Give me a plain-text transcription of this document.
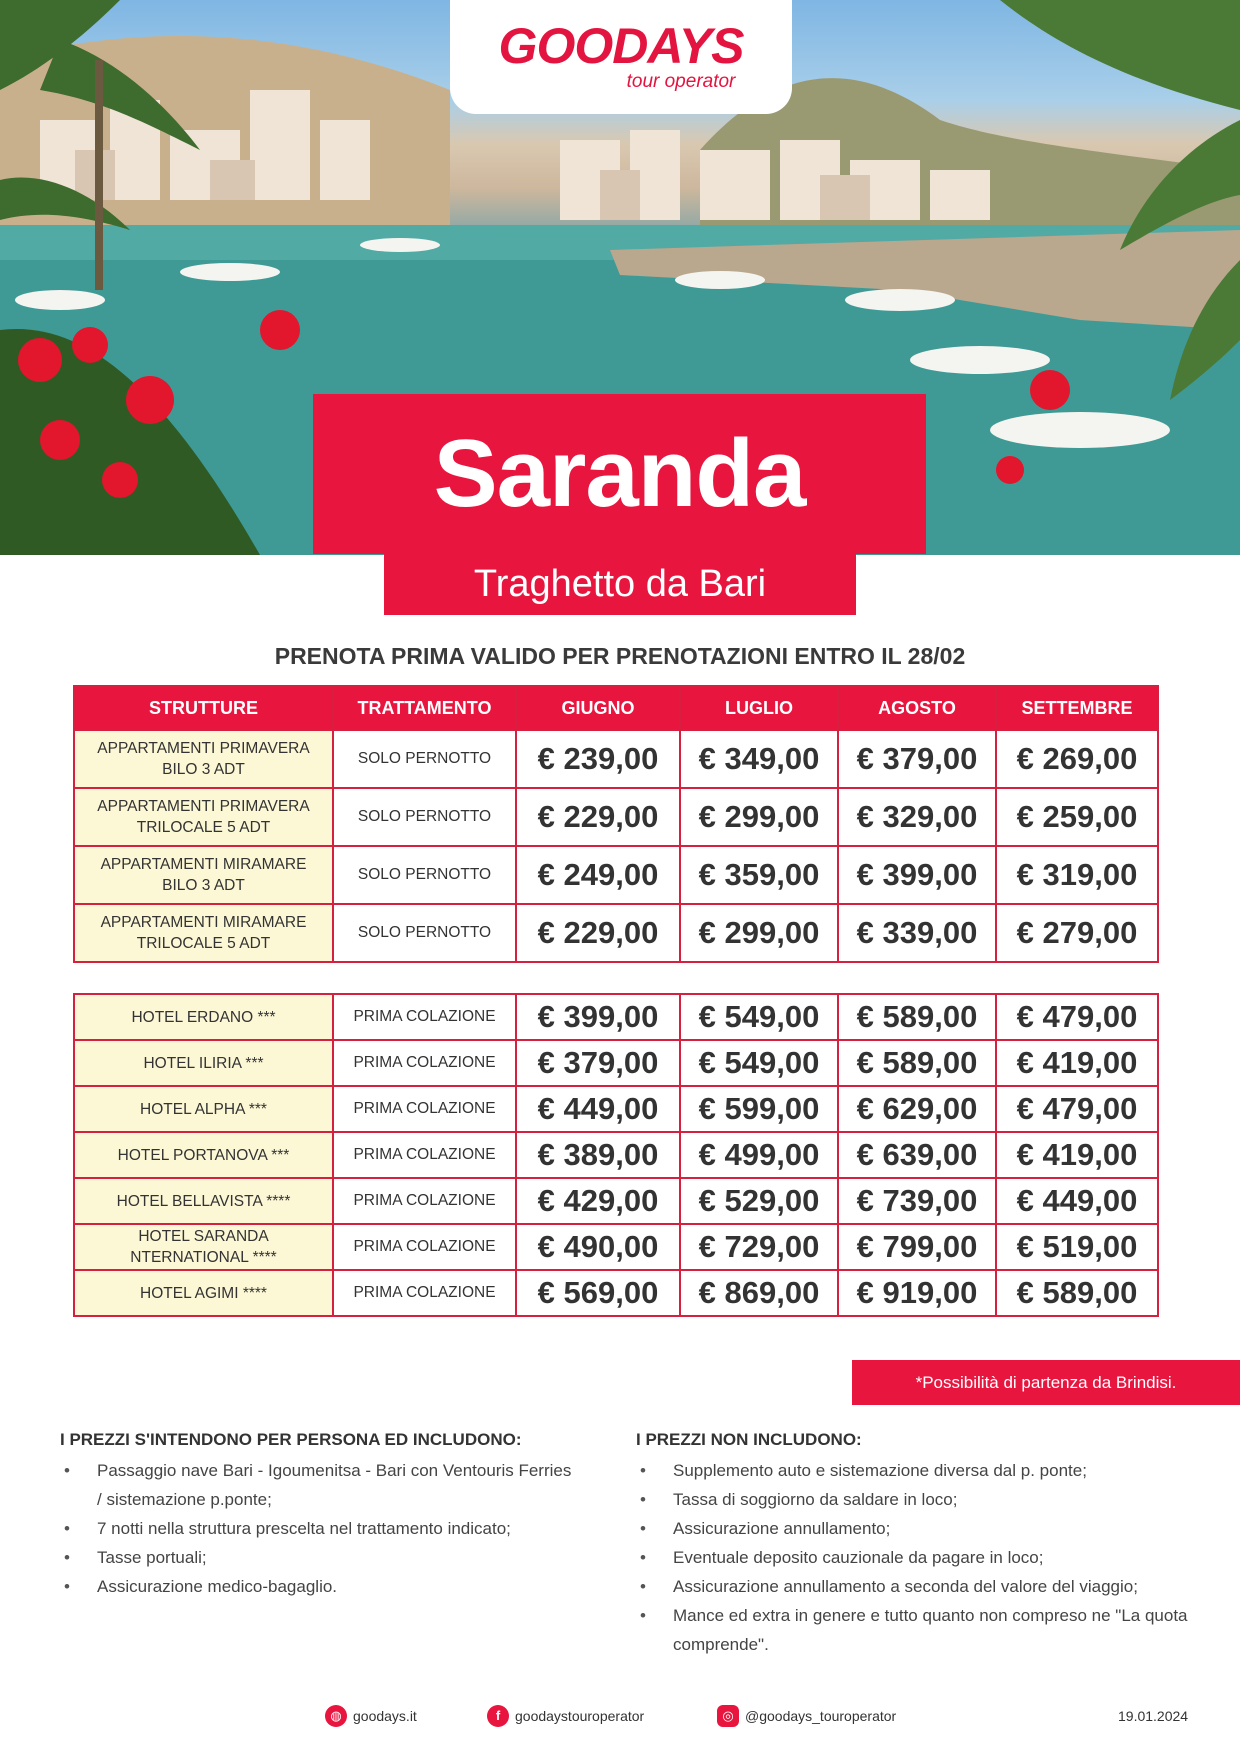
GOODAYS
tour operator
Saranda
Traghetto da Bari
PRENOTA PRIMA VALIDO PER PRENOTAZIONI ENTRO IL 28/02
STRUTTURE	TRATTAMENTO	GIUGNO	LUGLIO	AGOSTO	SETTEMBRE

APPARTAMENTI PRIMAVERA
BILO 3 ADT	SOLO PERNOTTO	€ 239,00	€ 349,00	€ 379,00	€ 269,00

APPARTAMENTI PRIMAVERA
TRILOCALE 5 ADT	SOLO PERNOTTO	€ 229,00	€ 299,00	€ 329,00	€ 259,00

APPARTAMENTI MIRAMARE
BILO 3 ADT	SOLO PERNOTTO	€ 249,00	€ 359,00	€ 399,00	€ 319,00

APPARTAMENTI MIRAMARE
TRILOCALE 5 ADT	SOLO PERNOTTO	€ 229,00	€ 299,00	€ 339,00	€ 279,00
HOTEL ERDANO ***	PRIMA COLAZIONE	€ 399,00	€ 549,00	€ 589,00	€ 479,00

HOTEL ILIRIA ***	PRIMA COLAZIONE	€ 379,00	€ 549,00	€ 589,00	€ 419,00

HOTEL ALPHA ***	PRIMA COLAZIONE	€ 449,00	€ 599,00	€ 629,00	€ 479,00

HOTEL PORTANOVA ***	PRIMA COLAZIONE	€ 389,00	€ 499,00	€ 639,00	€ 419,00

HOTEL BELLAVISTA ****	PRIMA COLAZIONE	€ 429,00	€ 529,00	€ 739,00	€ 449,00

HOTEL SARANDA
NTERNATIONAL ****	PRIMA COLAZIONE	€ 490,00	€ 729,00	€ 799,00	€ 519,00

HOTEL AGIMI ****	PRIMA COLAZIONE	€ 569,00	€ 869,00	€ 919,00	€ 589,00
*Possibilità di partenza da Brindisi.
I PREZZI S'INTENDONO PER PERSONA ED INCLUDONO:
• Passaggio nave Bari - Igoumenitsa - Bari con Ventouris Ferries / sistemazione p.ponte;
• 7 notti nella struttura prescelta nel trattamento indicato;
• Tasse portuali;
• Assicurazione medico-bagaglio.
I PREZZI NON INCLUDONO:
• Supplemento auto e sistemazione diversa dal p. ponte;
• Tassa di soggiorno da saldare in loco;
• Assicurazione annullamento;
• Eventuale deposito cauzionale da pagare in loco;
• Assicurazione annullamento a seconda del valore del viaggio;
• Mance ed extra in genere e tutto quanto non compreso ne "La quota comprende".
◍ goodays.it	f	goodaystouroperator	◎ @goodays_touroperator	19.01.2024
